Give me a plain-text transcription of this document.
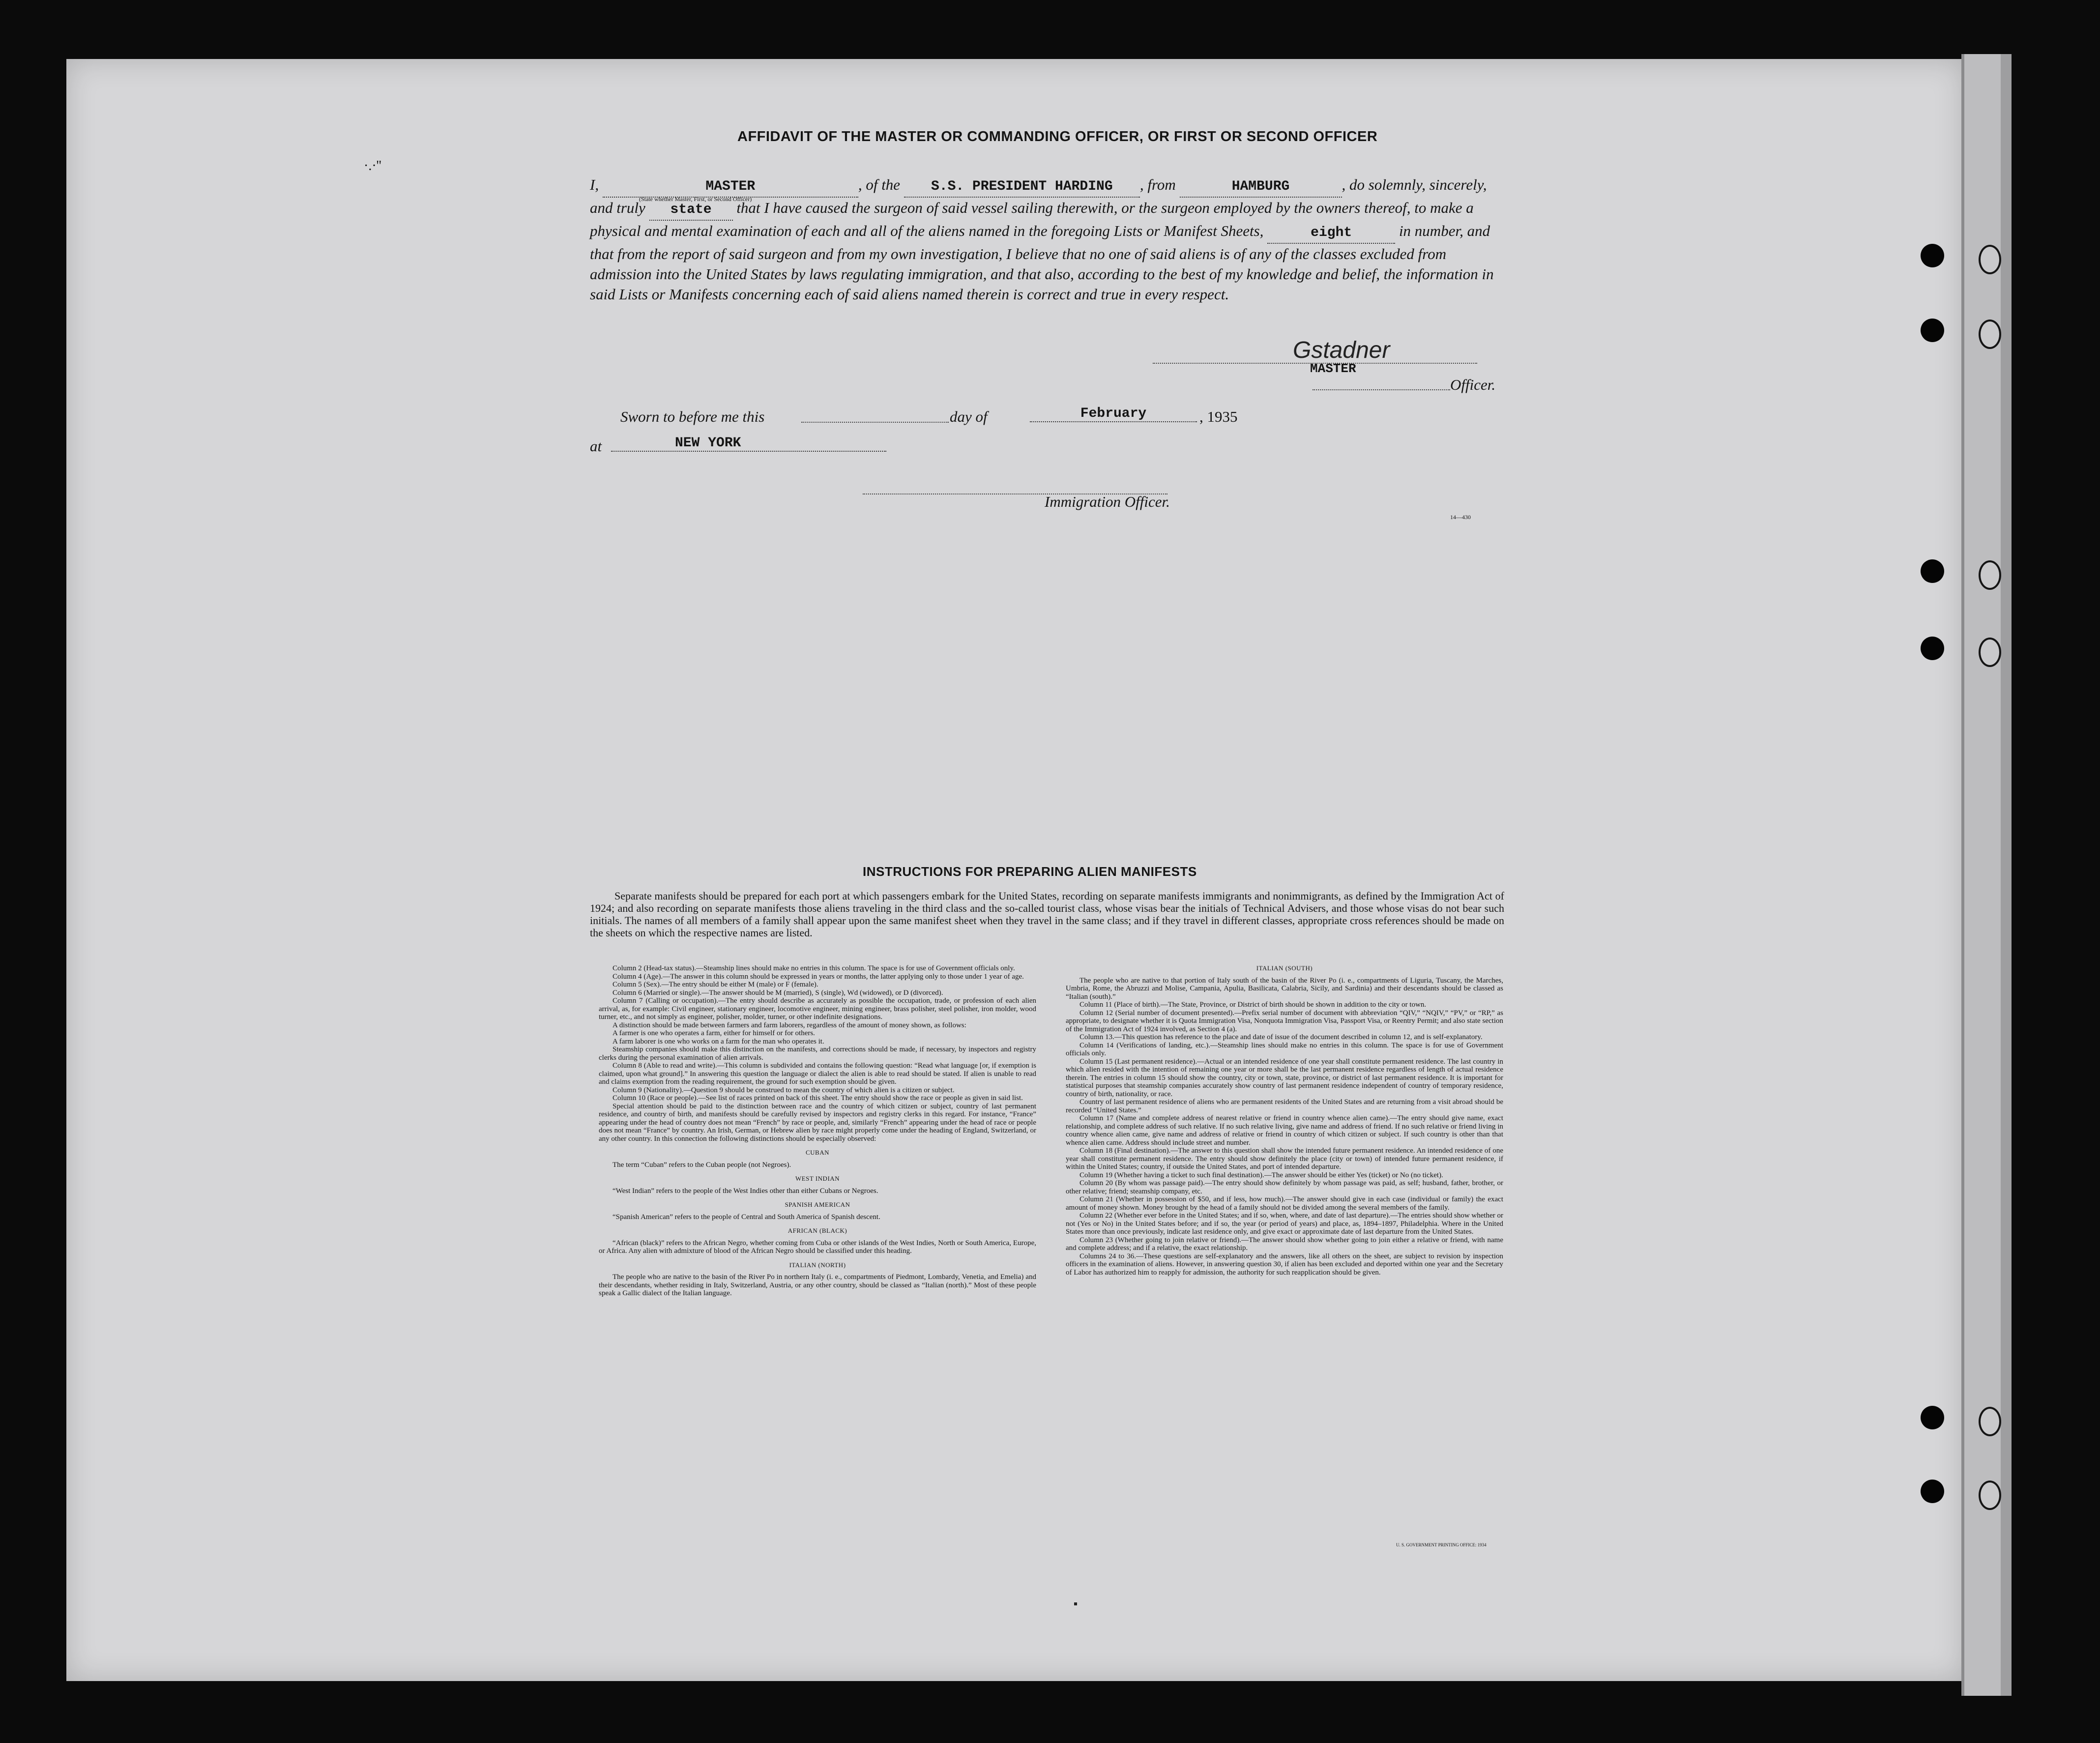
AFFIDAVIT OF THE MASTER OR COMMANDING OFFICER, OR FIRST OR SECOND OFFICER
·.·''
I,	MASTER	, of the S.S. PRESIDENT HARDING , from	HAMBURG	, do solemnly, sincerely, and truly state that I have caused the surgeon of said vessel sailing therewith, or the surgeon employed by the owners thereof, to make a physical and mental examination of each and all of the aliens named in the foregoing Lists or Manifest Sheets,	eight	in number, and that from the report of said surgeon and from my own investigation, I believe that no one of said aliens is of any of the classes excluded from admission into the United States by laws regulating immigration, and that also, according to the best of my knowledge and belief, the information in said Lists or Manifests concerning each of said aliens named therein is correct and true in every respect.
(State whether Master, First, or Second Officer)
Gstadner
MASTER
Officer.
Sworn to before me this	day of	February	, 1935
at	NEW YORK
Immigration Officer.
14—430
INSTRUCTIONS FOR PREPARING ALIEN MANIFESTS
Separate manifests should be prepared for each port at which passengers embark for the United States, recording on separate manifests immigrants and nonimmigrants, as defined by the Immigration Act of 1924; and also recording on separate manifests those aliens traveling in the third class and the so-called tourist class, whose visas bear the initials of Technical Advisers, and those whose visas do not bear such initials. The names of all members of a family shall appear upon the same manifest sheet when they travel in the same class; and if they travel in different classes, appropriate cross references should be made on the sheets on which the respective names are listed.

Column 2 (Head-tax status).—Steamship lines should make no entries in this column. The space is for use of Government officials only.

Column 4 (Age).—The answer in this column should be expressed in years or months, the latter applying only to those under 1 year of age.

Column 5 (Sex).—The entry should be either M (male) or F (female).

Column 6 (Married or single).—The answer should be M (married), S (single), Wd (widowed), or D (divorced).

Column 7 (Calling or occupation).—The entry should describe as accurately as possible the occupation, trade, or profession of each alien arrival, as, for example: Civil engineer, stationary engineer, locomotive engineer, mining engineer, brass polisher, steel polisher, iron molder, wood turner, etc., and not simply as engineer, polisher, molder, turner, or other indefinite designations.

A distinction should be made between farmers and farm laborers, regardless of the amount of money shown, as follows:

A farmer is one who operates a farm, either for himself or for others.

A farm laborer is one who works on a farm for the man who operates it.

Steamship companies should make this distinction on the manifests, and corrections should be made, if necessary, by inspectors and registry clerks during the personal examination of alien arrivals.

Column 8 (Able to read and write).—This column is subdivided and contains the following question: “Read what language [or, if exemption is claimed, upon what ground].” In answering this question the language or dialect the alien is able to read should be stated. If alien is unable to read and claims exemption from the reading requirement, the ground for such exemption should be given.

Column 9 (Nationality).—Question 9 should be construed to mean the country of which alien is a citizen or subject.

Column 10 (Race or people).—See list of races printed on back of this sheet. The entry should show the race or people as given in said list.

Special attention should be paid to the distinction between race and the country of which citizen or subject, country of last permanent residence, and country of birth, and manifests should be carefully revised by inspectors and registry clerks in this regard. For instance, “France” appearing under the head of country does not mean “French” by race or people, and, similarly “French” appearing under the head of race or people does not mean “France” by country. An Irish, German, or Hebrew alien by race might properly come under the heading of England, Switzerland, or any other country. In this connection the following distinctions should be especially observed:

CUBAN

The term “Cuban” refers to the Cuban people (not Negroes).

WEST INDIAN

“West Indian” refers to the people of the West Indies other than either Cubans or Negroes.

SPANISH AMERICAN

“Spanish American” refers to the people of Central and South America of Spanish descent.

AFRICAN (BLACK)

“African (black)” refers to the African Negro, whether coming from Cuba or other islands of the West Indies, North or South America, Europe, or Africa. Any alien with admixture of blood of the African Negro should be classified under this heading.

ITALIAN (NORTH)

The people who are native to the basin of the River Po in northern Italy (i. e., compartments of Piedmont, Lombardy, Venetia, and Emelia) and their descendants, whether residing in Italy, Switzerland, Austria, or any other country, should be classed as “Italian (north).” Most of these people speak a Gallic dialect of the Italian language.

ITALIAN (SOUTH)

The people who are native to that portion of Italy south of the basin of the River Po (i. e., compartments of Liguria, Tuscany, the Marches, Umbria, Rome, the Abruzzi and Molise, Campania, Apulia, Basilicata, Calabria, Sicily, and Sardinia) and their descendants should be classed as “Italian (south).”

Column 11 (Place of birth).—The State, Province, or District of birth should be shown in addition to the city or town.

Column 12 (Serial number of document presented).—Prefix serial number of document with abbreviation “QIV,” “NQIV,” “PV,” or “RP,” as appropriate, to designate whether it is Quota Immigration Visa, Nonquota Immigration Visa, Passport Visa, or Reentry Permit; and also state section of the Immigration Act of 1924 involved, as Section 4 (a).

Column 13.—This question has reference to the place and date of issue of the document described in column 12, and is self-explanatory.

Column 14 (Verifications of landing, etc.).—Steamship lines should make no entries in this column. The space is for use of Government officials only.

Column 15 (Last permanent residence).—Actual or an intended residence of one year shall constitute permanent residence. The last country in which alien resided with the intention of remaining one year or more shall be the last permanent residence regardless of length of actual residence therein. The entries in column 15 should show the country, city or town, state, province, or district of last permanent residence. It is important for statistical purposes that steamship companies accurately show country of last permanent residence independent of country of temporary residence, country of birth, nationality, or race.

Country of last permanent residence of aliens who are permanent residents of the United States and are returning from a visit abroad should be recorded “United States.”

Column 17 (Name and complete address of nearest relative or friend in country whence alien came).—The entry should give name, exact relationship, and complete address of such relative. If no such relative living, give name and address of friend. If no such relative or friend living in country whence alien came, give name and address of relative or friend in country of which citizen or subject. If such country is other than that whence alien came. Address should include street and number.

Column 18 (Final destination).—The answer to this question shall show the intended future permanent residence. An intended residence of one year shall constitute permanent residence. The entry should show definitely the place (city or town) of intended future permanent residence, if within the United States; country, if outside the United States, and port of intended departure.

Column 19 (Whether having a ticket to such final destination).—The answer should be either Yes (ticket) or No (no ticket).

Column 20 (By whom was passage paid).—The entry should show definitely by whom passage was paid, as self; husband, father, brother, or other relative; friend; steamship company, etc.

Column 21 (Whether in possession of $50, and if less, how much).—The answer should give in each case (individual or family) the exact amount of money shown. Money brought by the head of a family should not be divided among the several members of the family.

Column 22 (Whether ever before in the United States; and if so, when, where, and date of last departure).—The entries should show whether or not (Yes or No) in the United States before; and if so, the year (or period of years) and place, as, 1894–1897, Philadelphia. Where in the United States more than once previously, indicate last residence only, and give exact or approximate date of last departure from the United States.

Column 23 (Whether going to join relative or friend).—The answer should show whether going to join either a relative or friend, with name and complete address; and if a relative, the exact relationship.

Columns 24 to 36.—These questions are self-explanatory and the answers, like all others on the sheet, are subject to revision by inspection officers in the examination of aliens. However, in answering question 30, if alien has been excluded and deported within one year and the Secretary of Labor has authorized him to reapply for admission, the authority for such reapplication should be given.

U. S. GOVERNMENT PRINTING OFFICE: 1934
